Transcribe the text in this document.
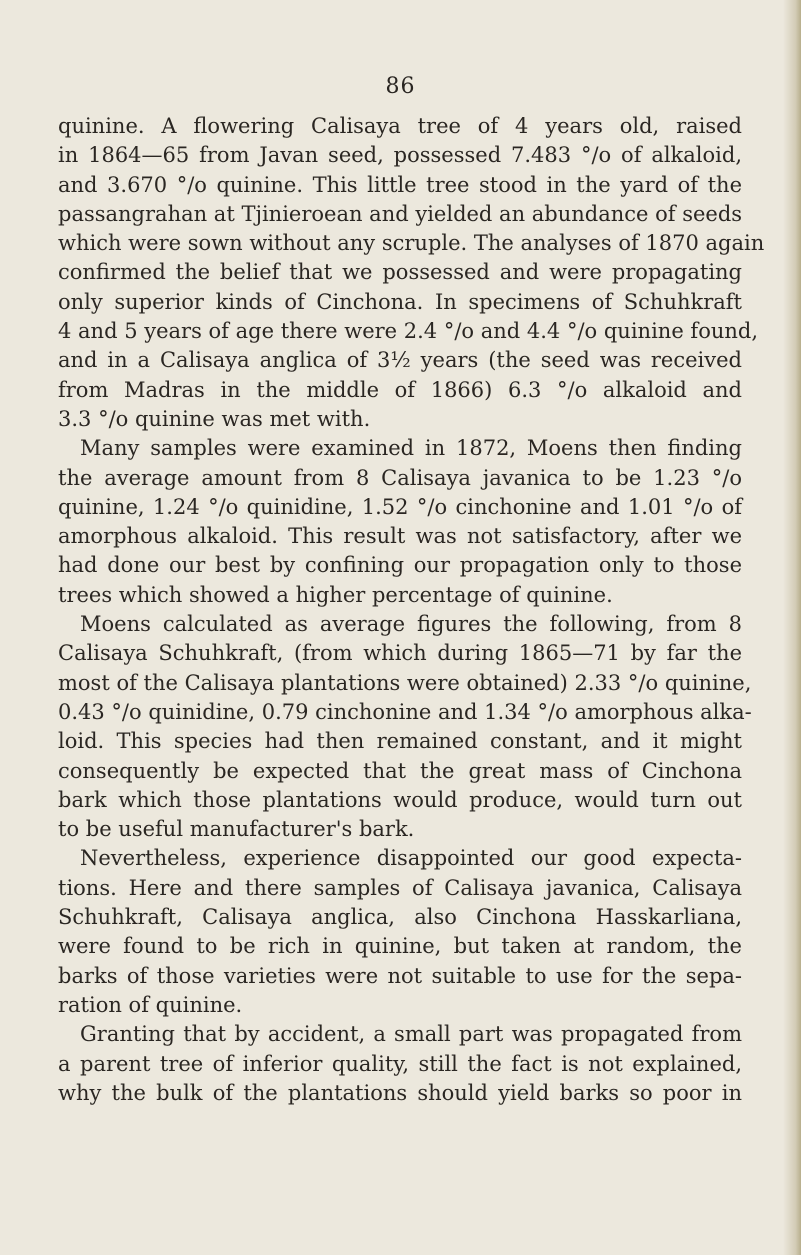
86
quinine. A flowering Calisaya tree of 4 years old, raised
in 1864—65 from Javan seed, possessed 7.483 °/o of alkaloid,
and 3.670 °/o quinine. This little tree stood in the yard of the
passangrahan at Tjinieroean and yielded an abundance of seeds
which were sown without any scruple. The analyses of 1870 again
confirmed the belief that we possessed and were propagating
only superior kinds of Cinchona. In specimens of Schuhkraft
4 and 5 years of age there were 2.4 °/o and 4.4 °/o quinine found,
and in a Calisaya anglica of 3½ years (the seed was received
from Madras in the middle of 1866) 6.3 °/o alkaloid and
3.3 °/o quinine was met with.
Many samples were examined in 1872, Moens then finding
the average amount from 8 Calisaya javanica to be 1.23 °/o
quinine, 1.24 °/o quinidine, 1.52 °/o cinchonine and 1.01 °/o of
amorphous alkaloid. This result was not satisfactory, after we
had done our best by confining our propagation only to those
trees which showed a higher percentage of quinine.
Moens calculated as average figures the following, from 8
Calisaya Schuhkraft, (from which during 1865—71 by far the
most of the Calisaya plantations were obtained) 2.33 °/o quinine,
0.43 °/o quinidine, 0.79 cinchonine and 1.34 °/o amorphous alka-
loid. This species had then remained constant, and it might
consequently be expected that the great mass of Cinchona
bark which those plantations would produce, would turn out
to be useful manufacturer's bark.
Nevertheless, experience disappointed our good expecta-
tions. Here and there samples of Calisaya javanica, Calisaya
Schuhkraft, Calisaya anglica, also Cinchona Hasskarliana,
were found to be rich in quinine, but taken at random, the
barks of those varieties were not suitable to use for the sepa-
ration of quinine.
Granting that by accident, a small part was propagated from
a parent tree of inferior quality, still the fact is not explained,
why the bulk of the plantations should yield barks so poor in
